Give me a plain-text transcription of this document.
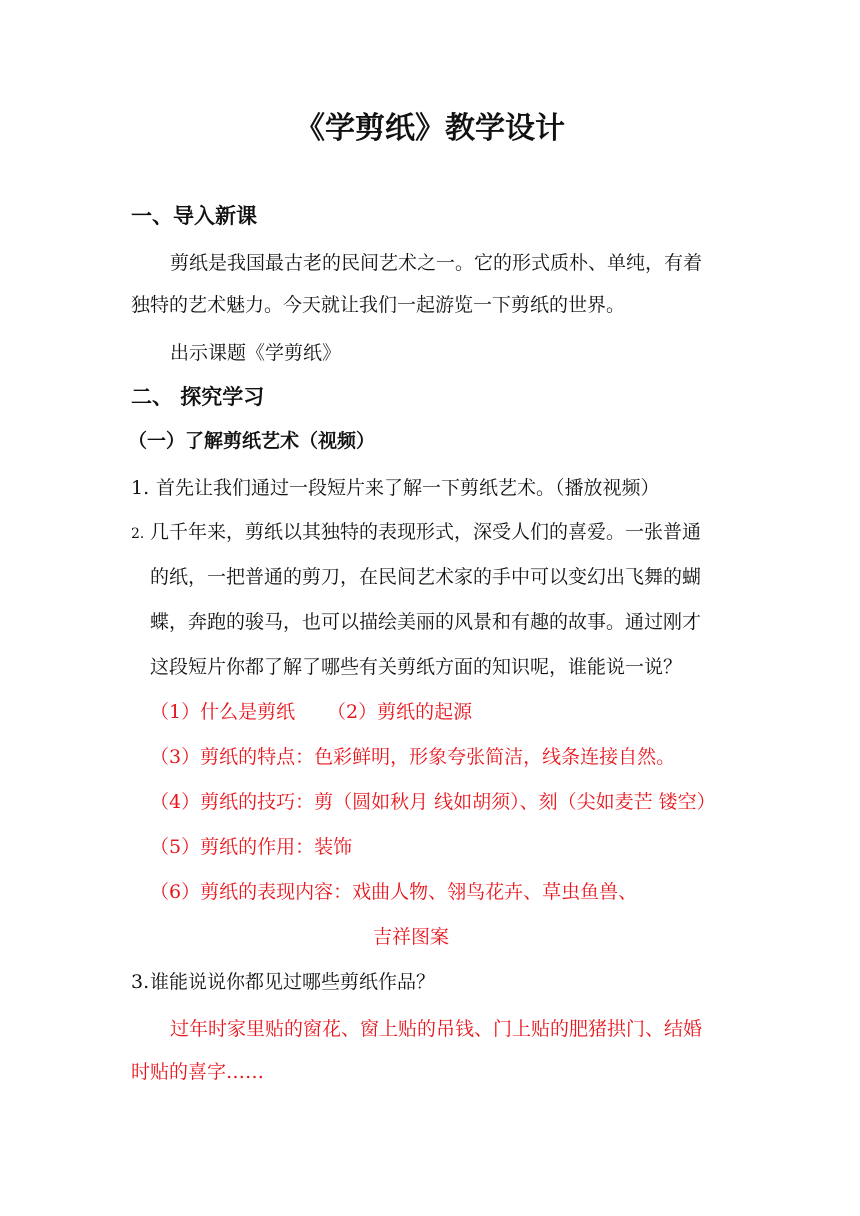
《学剪纸》教学设计
一、导入新课
剪纸是我国最古老的民间艺术之一。它的形式质朴、单纯，有着
独特的艺术魅力。今天就让我们一起游览一下剪纸的世界。
出示课题《学剪纸》
二、 探究学习
（一）了解剪纸艺术（视频）
1. 首先让我们通过一段短片来了解一下剪纸艺术。（播放视频）
2. 几千年来，剪纸以其独特的表现形式，深受人们的喜爱。一张普通
的纸，一把普通的剪刀，在民间艺术家的手中可以变幻出飞舞的蝴
蝶，奔跑的骏马，也可以描绘美丽的风景和有趣的故事。通过刚才
这段短片你都了解了哪些有关剪纸方面的知识呢，谁能说一说？
（1）什么是剪纸 （2）剪纸的起源
（3）剪纸的特点：色彩鲜明，形象夸张简洁，线条连接自然。
（4）剪纸的技巧：剪（圆如秋月 线如胡须）、刻（尖如麦芒 镂空）
（5）剪纸的作用：装饰
（6）剪纸的表现内容：戏曲人物、翎鸟花卉、草虫鱼兽、
吉祥图案
3. 谁能说说你都见过哪些剪纸作品？
过年时家里贴的窗花、窗上贴的吊钱、门上贴的肥猪拱门、结婚
时贴的喜字……
